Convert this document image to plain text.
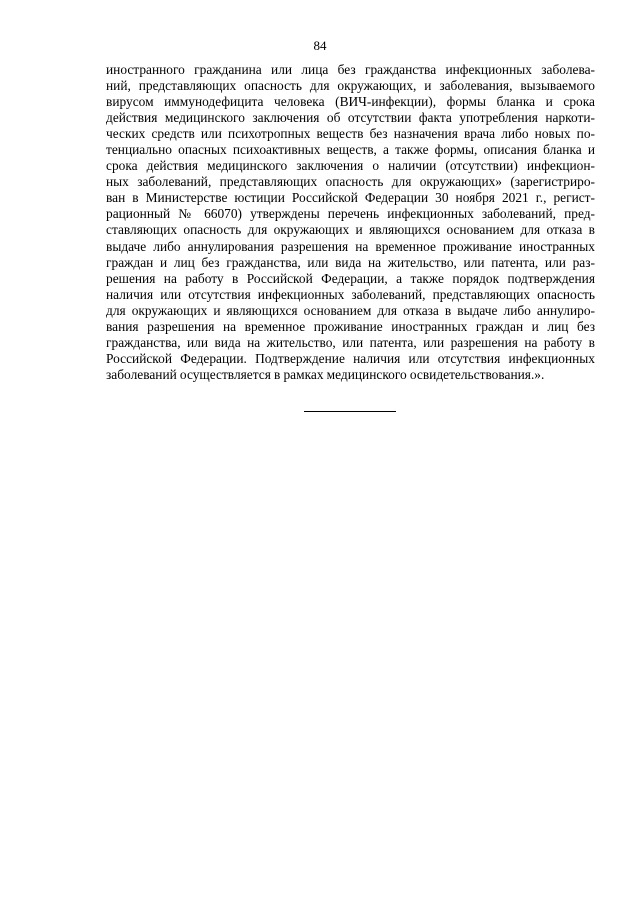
84
иностранного гражданина или лица без гражданства инфекционных заболева-
ний, представляющих опасность для окружающих, и заболевания, вызываемого
вирусом иммунодефицита человека (ВИЧ-инфекции), формы бланка и срока
действия медицинского заключения об отсутствии факта употребления наркоти-
ческих средств или психотропных веществ без назначения врача либо новых по-
тенциально опасных психоактивных веществ, а также формы, описания бланка и
срока действия медицинского заключения о наличии (отсутствии) инфекцион-
ных заболеваний, представляющих опасность для окружающих» (зарегистриро-
ван в Министерстве юстиции Российской Федерации 30 ноября 2021 г., регист-
рационный № 66070) утверждены перечень инфекционных заболеваний, пред-
ставляющих опасность для окружающих и являющихся основанием для отказа в
выдаче либо аннулирования разрешения на временное проживание иностранных
граждан и лиц без гражданства, или вида на жительство, или патента, или раз-
решения на работу в Российской Федерации, а также порядок подтверждения
наличия или отсутствия инфекционных заболеваний, представляющих опасность
для окружающих и являющихся основанием для отказа в выдаче либо аннулиро-
вания разрешения на временное проживание иностранных граждан и лиц без
гражданства, или вида на жительство, или патента, или разрешения на работу в
Российской Федерации. Подтверждение наличия или отсутствия инфекционных
заболеваний осуществляется в рамках медицинского освидетельствования.».
